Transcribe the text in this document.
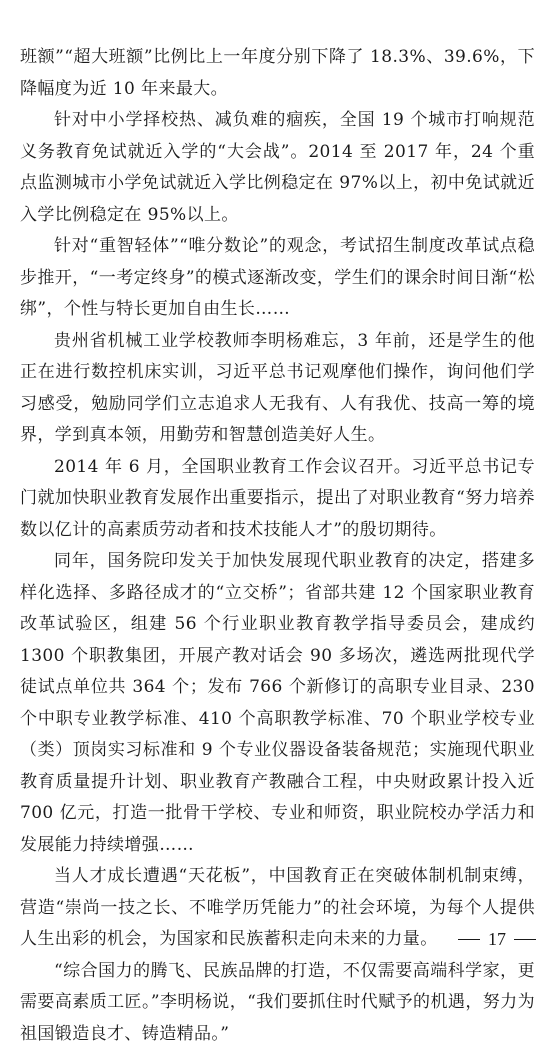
班额”“超大班额”比例比上一年度分别下降了 18.3%、39.6%，下降幅度为近 10 年来最大。

针对中小学择校热、减负难的痼疾，全国 19 个城市打响规范义务教育免试就近入学的“大会战”。2014 至 2017 年，24 个重点监测城市小学免试就近入学比例稳定在 97%以上，初中免试就近入学比例稳定在 95%以上。

针对“重智轻体”“唯分数论”的观念，考试招生制度改革试点稳步推开，“一考定终身”的模式逐渐改变，学生们的课余时间日渐“松绑”，个性与特长更加自由生长……

贵州省机械工业学校教师李明杨难忘，3 年前，还是学生的他正在进行数控机床实训，习近平总书记观摩他们操作，询问他们学习感受，勉励同学们立志追求人无我有、人有我优、技高一筹的境界，学到真本领，用勤劳和智慧创造美好人生。

2014 年 6 月，全国职业教育工作会议召开。习近平总书记专门就加快职业教育发展作出重要指示，提出了对职业教育“努力培养数以亿计的高素质劳动者和技术技能人才”的殷切期待。

同年，国务院印发关于加快发展现代职业教育的决定，搭建多样化选择、多路径成才的“立交桥”；省部共建 12 个国家职业教育改革试验区，组建 56 个行业职业教育教学指导委员会，建成约 1300 个职教集团，开展产教对话会 90 多场次，遴选两批现代学徒试点单位共 364 个；发布 766 个新修订的高职专业目录、230 个中职专业教学标准、410 个高职教学标准、70 个职业学校专业（类）顶岗实习标准和 9 个专业仪器设备装备规范；实施现代职业教育质量提升计划、职业教育产教融合工程，中央财政累计投入近 700 亿元，打造一批骨干学校、专业和师资，职业院校办学活力和发展能力持续增强……

当人才成长遭遇“天花板”，中国教育正在突破体制机制束缚，营造“崇尚一技之长、不唯学历凭能力”的社会环境，为每个人提供人生出彩的机会，为国家和民族蓄积走向未来的力量。

“综合国力的腾飞、民族品牌的打造，不仅需要高端科学家，更需要高素质工匠。”李明杨说，“我们要抓住时代赋予的机遇，努力为祖国锻造良才、铸造精品。”

17
